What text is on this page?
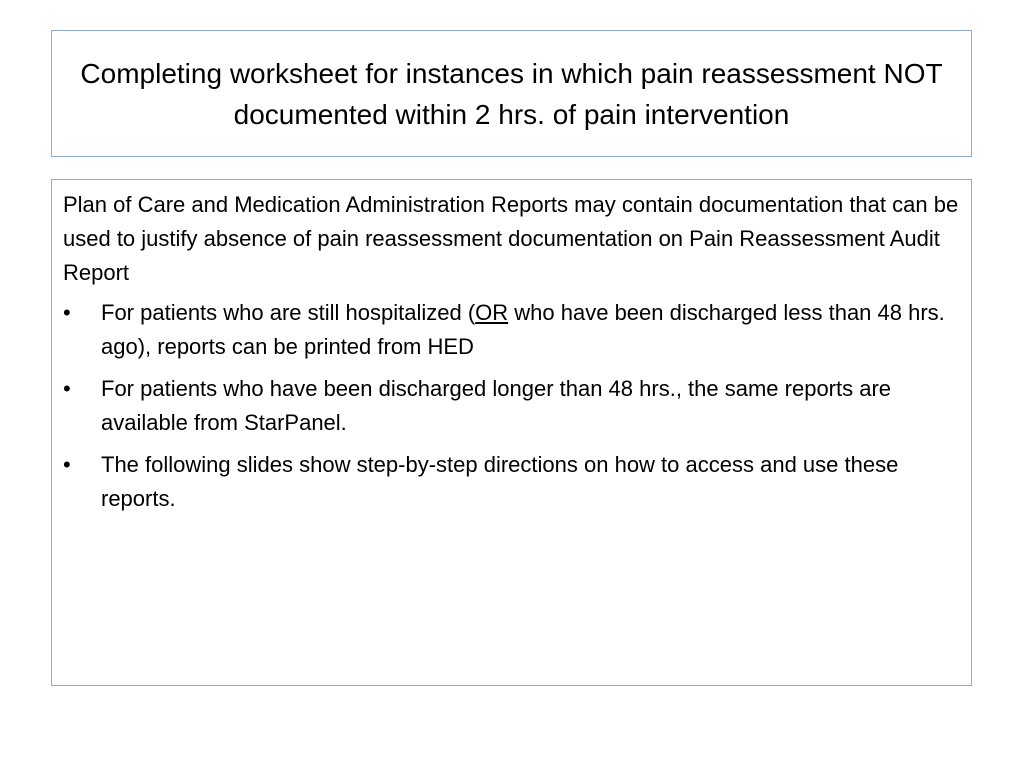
Completing worksheet for instances in which pain reassessment NOT documented within 2 hrs. of pain intervention

Plan of Care and Medication Administration Reports may contain documentation that can be used to justify absence of pain reassessment documentation on Pain Reassessment Audit Report

•	For patients who are still hospitalized (OR who have been discharged less than 48 hrs. ago), reports can be printed from HED
•	For patients who have been discharged longer than 48 hrs., the same reports are available from StarPanel.
•	The following slides show step-by-step directions on how to access and use these reports.
